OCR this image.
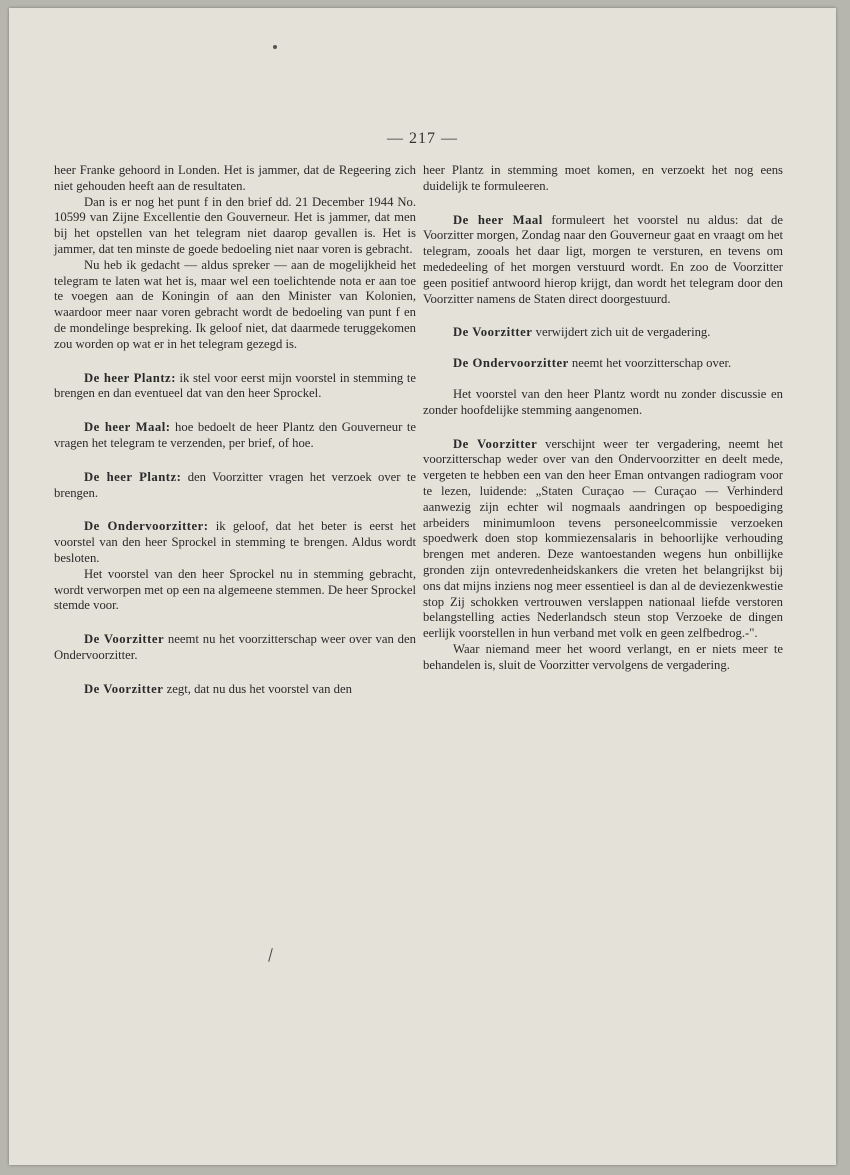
— 217 —

heer Franke gehoord in Londen. Het is jammer, dat de Regeering zich niet gehouden heeft aan de resultaten.

Dan is er nog het punt f in den brief dd. 21 December 1944 No. 10599 van Zijne Excellentie den Gouverneur. Het is jammer, dat men bij het opstellen van het telegram niet daarop gevallen is. Het is jammer, dat ten minste de goede bedoeling niet naar voren is gebracht.

Nu heb ik gedacht — aldus spreker — aan de mogelijkheid het telegram te laten wat het is, maar wel een toelichtende nota er aan toe te voegen aan de Koningin of aan den Minister van Kolonien, waardoor meer naar voren gebracht wordt de bedoeling van punt f en de mondelinge bespreking. Ik geloof niet, dat daarmede teruggekomen zou worden op wat er in het telegram gezegd is.

De heer Plantz: ik stel voor eerst mijn voorstel in stemming te brengen en dan eventueel dat van den heer Sprockel.

De heer Maal: hoe bedoelt de heer Plantz den Gouverneur te vragen het telegram te verzenden, per brief, of hoe.

De heer Plantz: den Voorzitter vragen het verzoek over te brengen.

De Ondervoorzitter: ik geloof, dat het beter is eerst het voorstel van den heer Sprockel in stemming te brengen. Aldus wordt besloten.

Het voorstel van den heer Sprockel nu in stemming gebracht, wordt verworpen met op een na algemeene stemmen. De heer Sprockel stemde voor.

De Voorzitter neemt nu het voorzitterschap weer over van den Ondervoorzitter.

De Voorzitter zegt, dat nu dus het voorstel van den

heer Plantz in stemming moet komen, en verzoekt het nog eens duidelijk te formuleeren.

De heer Maal formuleert het voorstel nu aldus: dat de Voorzitter morgen, Zondag naar den Gouverneur gaat en vraagt om het telegram, zooals het daar ligt, morgen te versturen, en tevens om mededeeling of het morgen verstuurd wordt. En zoo de Voorzitter geen positief antwoord hierop krijgt, dan wordt het telegram door den Voorzitter namens de Staten direct doorgestuurd.

De Voorzitter verwijdert zich uit de vergadering.

De Ondervoorzitter neemt het voorzitterschap over.

Het voorstel van den heer Plantz wordt nu zonder discussie en zonder hoofdelijke stemming aangenomen.

De Voorzitter verschijnt weer ter vergadering, neemt het voorzitterschap weder over van den Ondervoorzitter en deelt mede, vergeten te hebben een van den heer Eman ontvangen radiogram voor te lezen, luidende: „Staten Curaçao — Curaçao — Verhinderd aanwezig zijn echter wil nogmaals aandringen op bespoediging arbeiders minimumloon tevens personeelcommissie verzoeken spoedwerk doen stop kommiezensalaris in behoorlijke verhouding brengen met anderen. Deze wantoestanden wegens hun onbillijke gronden zijn ontevredenheidskankers die vreten het belangrijkst bij ons dat mijns inziens nog meer essentieel is dan al de deviezenkwestie stop Zij schokken vertrouwen verslappen nationaal liefde verstoren belangstelling acties Nederlandsch steun stop Verzoeke de dingen eerlijk voorstellen in hun verband met volk en geen zelfbedrog.-".

Waar niemand meer het woord verlangt, en er niets meer te behandelen is, sluit de Voorzitter vervolgens de vergadering.
